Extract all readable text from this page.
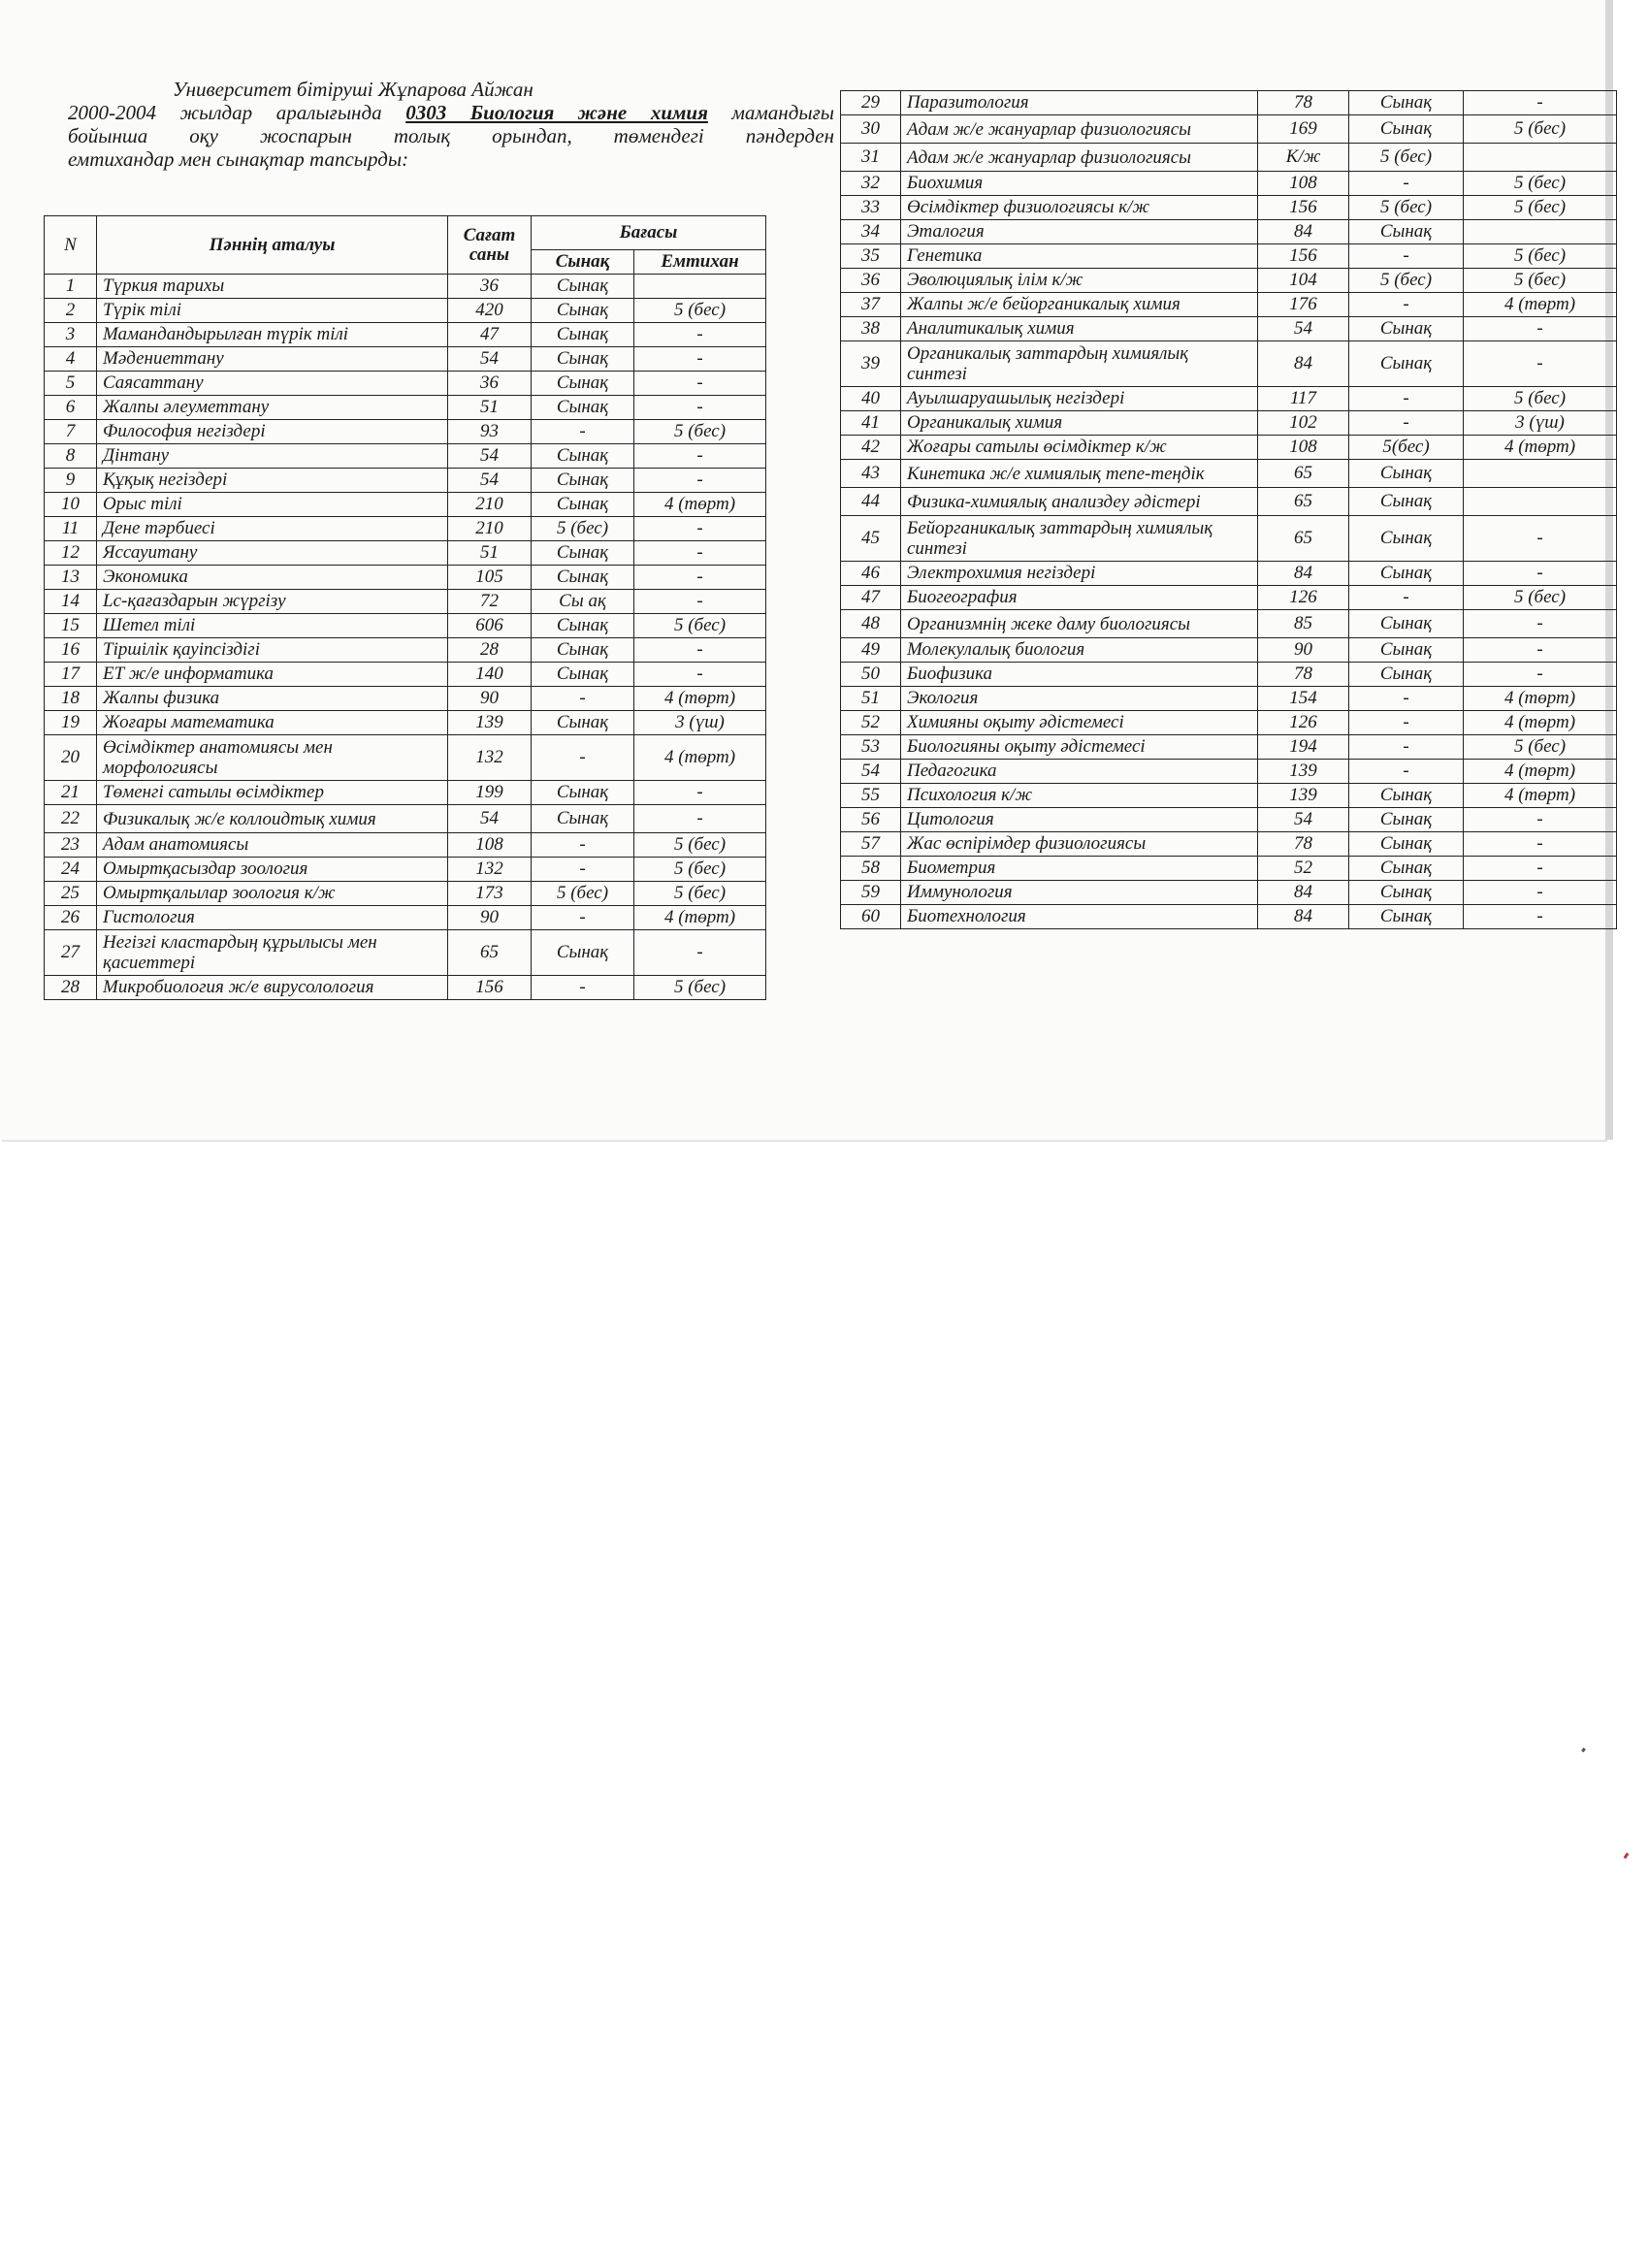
Университет бітіруші Жұпарова Айжан
2000-2004 жылдар аралығында 0303 Биология және химия мамандығы
бойынша оқу жоспарын толық орындап, төмендегі пәндерден
емтихандар мен сынақтар тапсырды:
N	Пәннің аталуы	Сағат саны	Бағасы	
			Сынақ	Емтихан
1	Түркия тарихы	36	Сынақ	
2	Түрік тілі	420	Сынақ	5 (бес)
3	Мамандандырылған түрік тілі	47	Сынақ	-
4	Мәдениеттану	54	Сынақ	-
5	Саясаттану	36	Сынақ	-
6	Жалпы әлеуметтану	51	Сынақ	-
7	Философия негіздері	93	-	5 (бес)
8	Дінтану	54	Сынақ	-
9	Құқық негіздері	54	Сынақ	-
10	Орыс тілі	210	Сынақ	4 (төрт)
11	Дене тәрбиесі	210	5 (бес)	-
12	Яссауитану	51	Сынақ	-
13	Экономика	105	Сынақ	-
14	Lс-қағаздарын жүргізу	72	Сы ақ	-
15	Шетел тілі	606	Сынақ	5 (бес)
16	Тіршілік қауіпсіздігі	28	Сынақ	-
17	ЕТ ж/е информатика	140	Сынақ	-
18	Жалпы физика	90	-	4 (төрт)
19	Жоғары математика	139	Сынақ	3 (үш)
20	Өсімдіктер анатомиясы мен морфологиясы	132	-	4 (төрт)
21	Төменгі сатылы өсімдіктер	199	Сынақ	-
22	Физикалық ж/е коллоидтық химия	54	Сынақ	-
23	Адам анатомиясы	108	-	5 (бес)
24	Омыртқасыздар зоология	132	-	5 (бес)
25	Омыртқалылар зоология к/ж	173	5 (бес)	5 (бес)
26	Гистология	90	-	4 (төрт)
27	Негізгі кластардың құрылысы мен қасиеттері	65	Сынақ	-
28	Микробиология ж/е вирусолология	156	-	5 (бес)
29	Паразитология	78	Сынақ	-
30	Адам ж/е жануарлар физиологиясы	169	Сынақ	5 (бес)
31	Адам ж/е жануарлар физиологиясы	К/ж	5 (бес)	
32	Биохимия	108	-	5 (бес)
33	Өсімдіктер физиологиясы к/ж	156	5 (бес)	5 (бес)
34	Эталогия	84	Сынақ	
35	Генетика	156	-	5 (бес)
36	Эволюциялық ілім к/ж	104	5 (бес)	5 (бес)
37	Жалпы ж/е бейорганикалық химия	176	-	4 (төрт)
38	Аналитикалық химия	54	Сынақ	-
39	Органикалық заттардың химиялық синтезі	84	Сынақ	-
40	Ауылшаруашылық негіздері	117	-	5 (бес)
41	Органикалық химия	102	-	3 (үш)
42	Жоғары сатылы өсімдіктер к/ж	108	5(бес)	4 (төрт)
43	Кинетика ж/е химиялық тепе-теңдік	65	Сынақ	
44	Физика-химиялық анализдеу әдістері	65	Сынақ	
45	Бейорганикалық заттардың химиялық синтезі	65	Сынақ	-
46	Электрохимия негіздері	84	Сынақ	-
47	Биогеография	126	-	5 (бес)
48	Организмнің жеке даму биологиясы	85	Сынақ	-
49	Молекулалық биология	90	Сынақ	-
50	Биофизика	78	Сынақ	-
51	Экология	154	-	4 (төрт)
52	Химияны оқыту әдістемесі	126	-	4 (төрт)
53	Биологияны оқыту әдістемесі	194	-	5 (бес)
54	Педагогика	139	-	4 (төрт)
55	Психология к/ж	139	Сынақ	4 (төрт)
56	Цитология	54	Сынақ	-
57	Жас өспірімдер физиологиясы	78	Сынақ	-
58	Биометрия	52	Сынақ	-
59	Иммунология	84	Сынақ	-
60	Биотехнология	84	Сынақ	-
